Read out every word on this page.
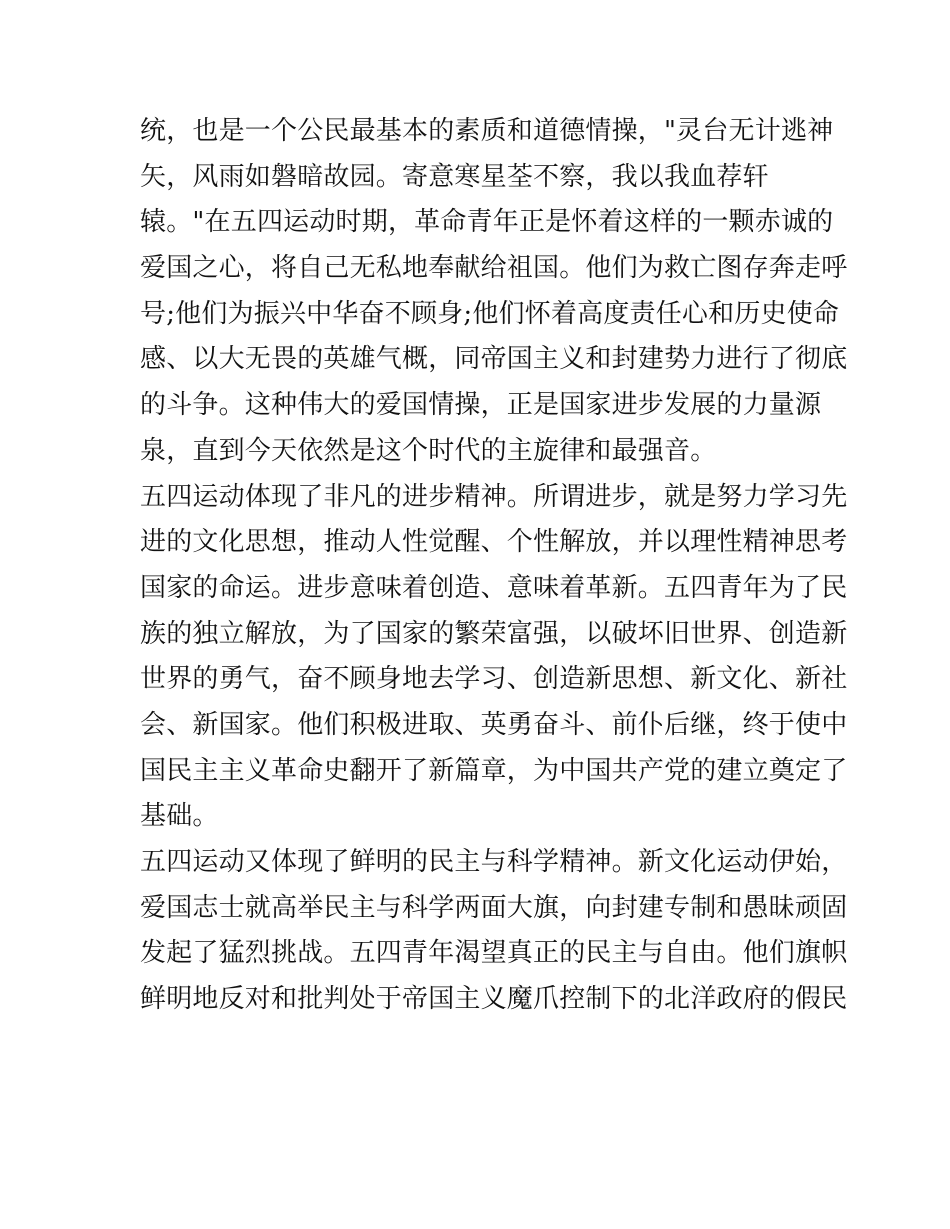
统，也是一个公民最基本的素质和道德情操，"灵台无计逃神
矢，风雨如磐暗故园。寄意寒星荃不察，我以我血荐轩
辕。"在五四运动时期，革命青年正是怀着这样的一颗赤诚的
爱国之心，将自己无私地奉献给祖国。他们为救亡图存奔走呼
号;他们为振兴中华奋不顾身;他们怀着高度责任心和历史使命
感、以大无畏的英雄气概，同帝国主义和封建势力进行了彻底
的斗争。这种伟大的爱国情操，正是国家进步发展的力量源
泉，直到今天依然是这个时代的主旋律和最强音。
五四运动体现了非凡的进步精神。所谓进步，就是努力学习先
进的文化思想，推动人性觉醒、个性解放，并以理性精神思考
国家的命运。进步意味着创造、意味着革新。五四青年为了民
族的独立解放，为了国家的繁荣富强，以破坏旧世界、创造新
世界的勇气，奋不顾身地去学习、创造新思想、新文化、新社
会、新国家。他们积极进取、英勇奋斗、前仆后继，终于使中
国民主主义革命史翻开了新篇章，为中国共产党的建立奠定了
基础。
五四运动又体现了鲜明的民主与科学精神。新文化运动伊始，
爱国志士就高举民主与科学两面大旗，向封建专制和愚昧顽固
发起了猛烈挑战。五四青年渴望真正的民主与自由。他们旗帜
鲜明地反对和批判处于帝国主义魔爪控制下的北洋政府的假民
